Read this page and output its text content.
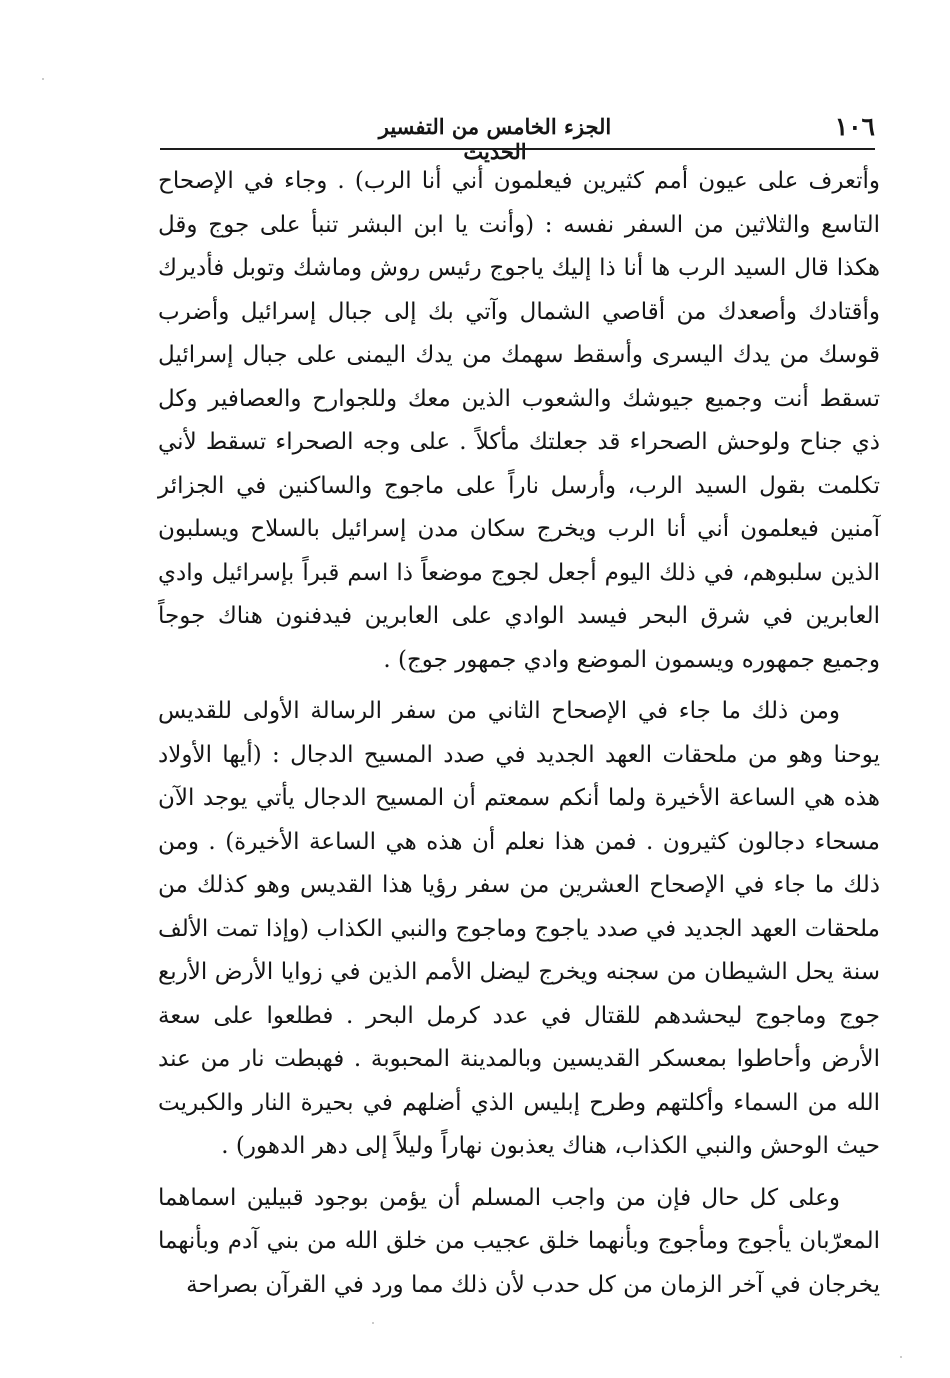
١٠٦
الجزء الخامس من التفسير الحديث

وأتعرف على عيون أمم كثيرين فيعلمون أني أنا الرب) . وجاء في الإصحاح التاسع والثلاثين من السفر نفسه : (وأنت يا ابن البشر تنبأ على جوج وقل هكذا قال السيد الرب ها أنا ذا إليك ياجوج رئيس روش وماشك وتوبل فأديرك وأقتادك وأصعدك من أقاصي الشمال وآتي بك إلى جبال إسرائيل وأضرب قوسك من يدك اليسرى وأسقط سهمك من يدك اليمنى على جبال إسرائيل تسقط أنت وجميع جيوشك والشعوب الذين معك وللجوارح والعصافير وكل ذي جناح ولوحش الصحراء قد جعلتك مأكلاً . على وجه الصحراء تسقط لأني تكلمت بقول السيد الرب، وأرسل ناراً على ماجوج والساكنين في الجزائر آمنين فيعلمون أني أنا الرب ويخرج سكان مدن إسرائيل بالسلاح ويسلبون الذين سلبوهم، في ذلك اليوم أجعل لجوج موضعاً ذا اسم قبراً بإسرائيل وادي العابرين في شرق البحر فيسد الوادي على العابرين فيدفنون هناك جوجاً وجميع جمهوره ويسمون الموضع وادي جمهور جوج) .

ومن ذلك ما جاء في الإصحاح الثاني من سفر الرسالة الأولى للقديس يوحنا وهو من ملحقات العهد الجديد في صدد المسيح الدجال : (أيها الأولاد هذه هي الساعة الأخيرة ولما أنكم سمعتم أن المسيح الدجال يأتي يوجد الآن مسحاء دجالون كثيرون . فمن هذا نعلم أن هذه هي الساعة الأخيرة) . ومن ذلك ما جاء في الإصحاح العشرين من سفر رؤيا هذا القديس وهو كذلك من ملحقات العهد الجديد في صدد ياجوج وماجوج والنبي الكذاب (وإذا تمت الألف سنة يحل الشيطان من سجنه ويخرج ليضل الأمم الذين في زوايا الأرض الأربع جوج وماجوج ليحشدهم للقتال في عدد كرمل البحر . فطلعوا على سعة الأرض وأحاطوا بمعسكر القديسين وبالمدينة المحبوبة . فهبطت نار من عند الله من السماء وأكلتهم وطرح إبليس الذي أضلهم في بحيرة النار والكبريت حيث الوحش والنبي الكذاب، هناك يعذبون نهاراً وليلاً إلى دهر الدهور) .

وعلى كل حال فإن من واجب المسلم أن يؤمن بوجود قبيلين اسماهما المعرّبان يأجوج ومأجوج وبأنهما خلق عجيب من خلق الله من بني آدم وبأنهما يخرجان في آخر الزمان من كل حدب لأن ذلك مما ورد في القرآن بصراحة
